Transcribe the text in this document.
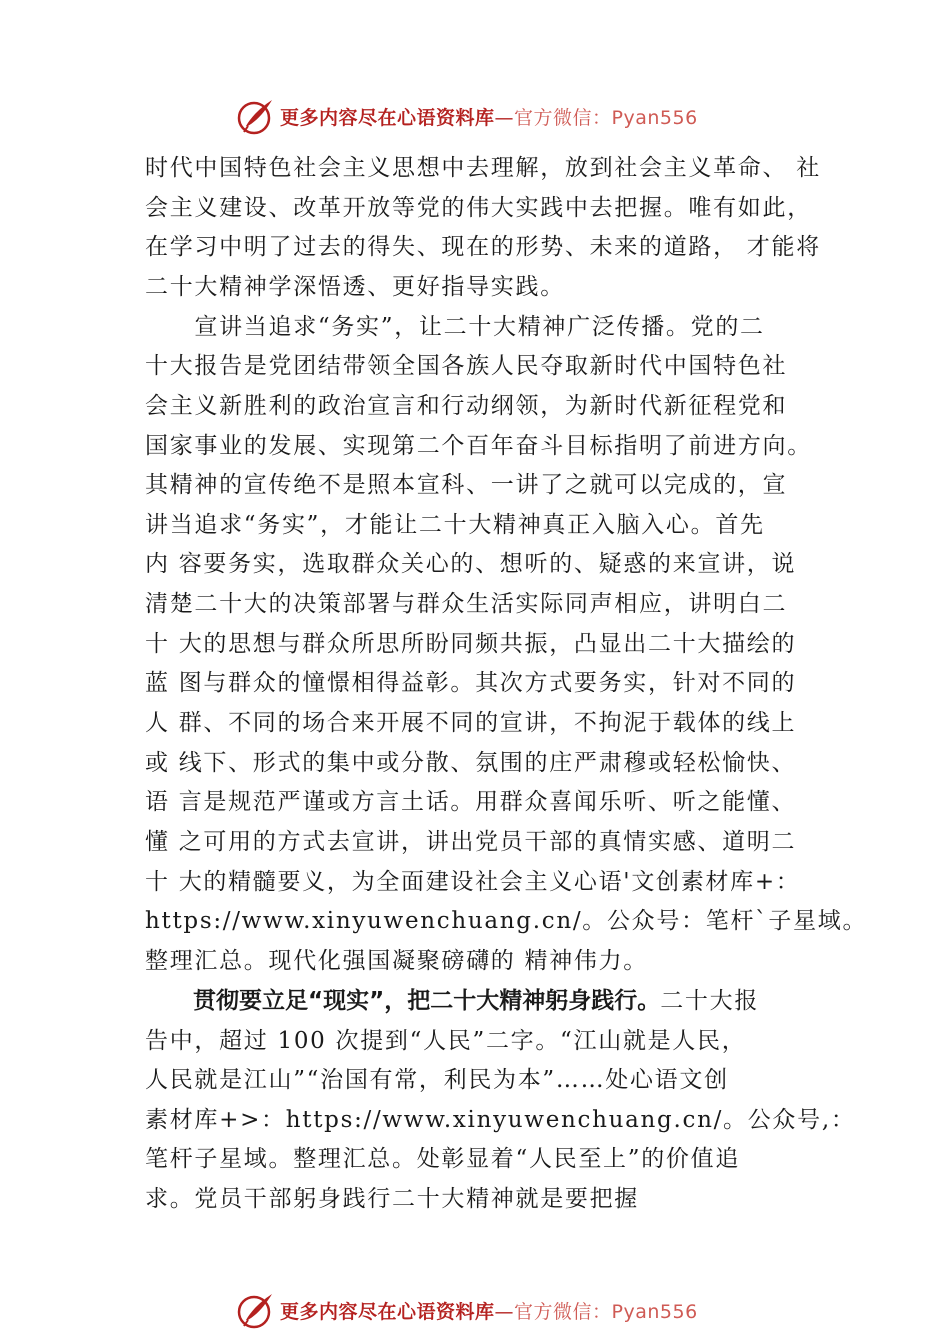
更多内容尽在心语资料库—官方微信：Pyan556
时代中国特色社会主义思想中去理解，放到社会主义革命、 社
会主义建设、改革开放等党的伟大实践中去把握。唯有如此，
在学习中明了过去的得失、现在的形势、未来的道路， 才能将
二十大精神学深悟透、更好指导实践。
　　宣讲当追求“务实”，让二十大精神广泛传播。党的二
十大报告是党团结带领全国各族人民夺取新时代中国特色社
会主义新胜利的政治宣言和行动纲领，为新时代新征程党和
国家事业的发展、实现第二个百年奋斗目标指明了前进方向。
其精神的宣传绝不是照本宣科、一讲了之就可以完成的，宣
讲当追求“务实”，才能让二十大精神真正入脑入心。首先
内 容要务实，选取群众关心的、想听的、疑惑的来宣讲，说
清楚二十大的决策部署与群众生活实际同声相应，讲明白二
十 大的思想与群众所思所盼同频共振，凸显出二十大描绘的
蓝 图与群众的憧憬相得益彰。其次方式要务实，针对不同的
人 群、不同的场合来开展不同的宣讲，不拘泥于载体的线上
或 线下、形式的集中或分散、氛围的庄严肃穆或轻松愉快、
语 言是规范严谨或方言土话。用群众喜闻乐听、听之能懂、
懂 之可用的方式去宣讲，讲出党员干部的真情实感、道明二
十 大的精髓要义，为全面建设社会主义心语'文创素材库+：
https://www.xinyuwenchuang.cn/。公众号：笔杆`子星域。
整理汇总。现代化强国凝聚磅礴的 精神伟力。
贯彻要立足“现实”，把二十大精神躬身践行。二十大报
告中，超过 100 次提到“人民”二字。“江山就是人民，
人民就是江山”“治国有常，利民为本”……处心语文创
素材库+>：https://www.xinyuwenchuang.cn/。公众号,：
笔杆子星域。整理汇总。处彰显着“人民至上”的价值追
求。党员干部躬身践行二十大精神就是要把握
更多内容尽在心语资料库—官方微信：Pyan556
